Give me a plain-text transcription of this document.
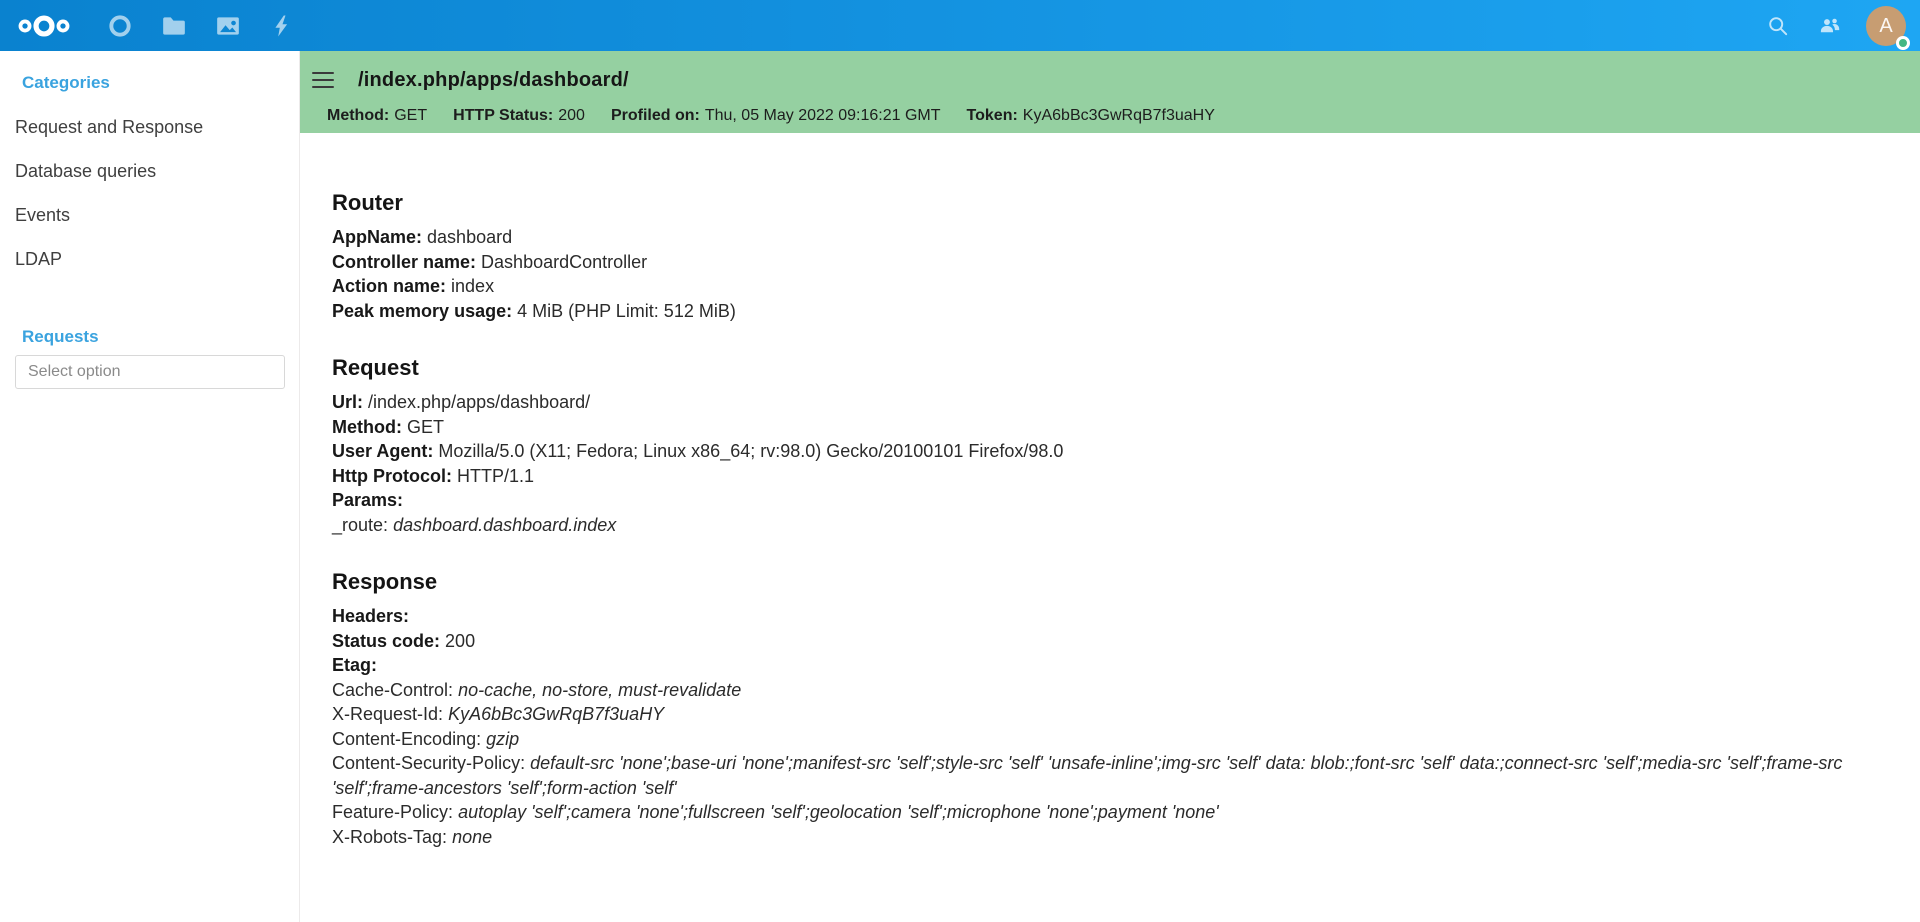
A
Categories
Request and Response
Database queries
Events
LDAP
Requests
Select option
/index.php/apps/dashboard/
Method: GET HTTP Status: 200 Profiled on: Thu, 05 May 2022 09:16:21 GMT Token: KyA6bBc3GwRqB7f3uaHY
Router
AppName: dashboard
Controller name: DashboardController
Action name: index
Peak memory usage: 4 MiB (PHP Limit: 512 MiB)
Request
Url: /index.php/apps/dashboard/
Method: GET
User Agent: Mozilla/5.0 (X11; Fedora; Linux x86_64; rv:98.0) Gecko/20100101 Firefox/98.0
Http Protocol: HTTP/1.1
Params:
_route: dashboard.dashboard.index
Response
Headers:
Status code: 200
Etag:
Cache-Control: no-cache, no-store, must-revalidate
X-Request-Id: KyA6bBc3GwRqB7f3uaHY
Content-Encoding: gzip
Content-Security-Policy: default-src 'none';base-uri 'none';manifest-src 'self';style-src 'self' 'unsafe-inline';img-src 'self' data: blob:;font-src 'self' data:;connect-src 'self';media-src 'self';frame-src 'self';frame-ancestors 'self';form-action 'self'
Feature-Policy: autoplay 'self';camera 'none';fullscreen 'self';geolocation 'self';microphone 'none';payment 'none'
X-Robots-Tag: none
